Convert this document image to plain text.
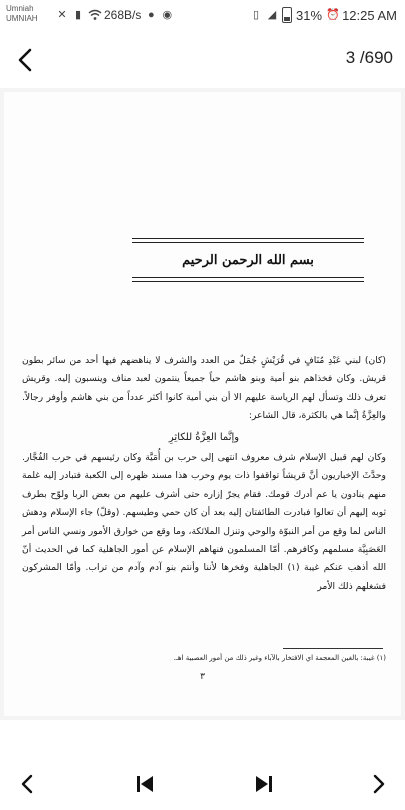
Umniah
UMNIAH ✕ ▮ 268B/s ● ◉	▯ ◢ 31% ⏰ 12:25 AM
3 /690
بسم الله الرحمن الرحيم

(كان) لبني عَبْدِ مُنَافٍ في قُرَيْشٍ جُمَلٌ من العدد والشرف لا يناهضهم فيها أحد من سائر بطون قريش. وكان فخذاهم بنو أمية وبنو هاشم حياً جميعاً ينتمون لعبد مناف وينسبون إليه. وقريش تعرف ذلك وتسأل لهم الرياسة عليهم الا أن بني أمية كانوا أكثر عدداً من بني هاشم وأوفر رجالاً. والعِزَّةُ إنَّما هي بالكثرة، قال الشاعر:

وإنَّما العِزَّةُ للكاثِرِ

وكان لهم قبيل الإسلام شرف معروف انتهى إلى حرب بن أُمَيَّة وكان رئيسهم في حرب الفُجَّار. وحدَّثَ الإخباريون أنَّ قريشاً تواقفوا ذات يوم وحرب هذا مسند ظهره إلى الكعبة فتبادر إليه غلمة منهم ينادون يا عم أدرك قومك. فقام يجرّ إزاره حتى أشرف عليهم من بعض الربا ولوّح بطرف ثوبه إليهم أن تعالوا فبادرت الطائفتان إليه بعد أن كان حمي وطيسهم. (وقلّ) جاء الإسلام ودهش الناس لما وقع من أمر النبوّة والوحي وتنزل الملائكة، وما وقع من خوارق الأمور ونسي الناس أمر العَصَبِيَّة مسلمهم وكافرهم. أمّا المسلمون فنهاهم الإسلام عن أمور الجاهلية كما في الحديث أنّ الله أذهب عنكم غيبة (١) الجاهلية وفخرها لأننا وأنتم بنو آدم وآدم من تراب. وأمّا المشركون فشغلهم ذلك الأمر

(١) غيبة: بالغين المعجمة اي الافتخار بالآباء وغير ذلك من أمور العصبية اهـ.
٣
